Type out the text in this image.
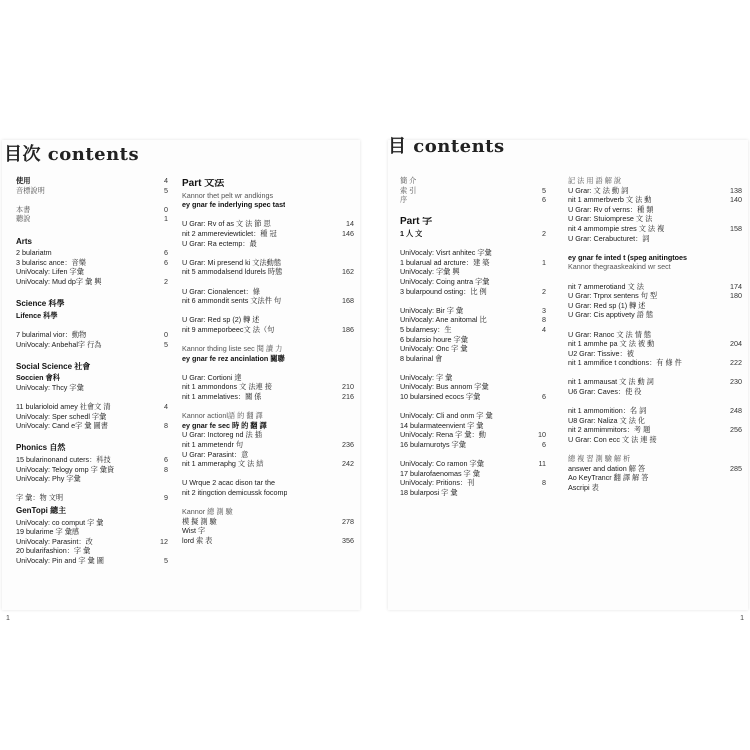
目次 contents
使用	4
音標說明	5
本書	0
聽說	1
Arts
2 bulariatm	6
3 bularisc ance：音樂	6
UniVocaly: Lifen 字彙
UniVocaly: Mud dp字 彙 興	2
Science 科學
Lifence 科學
7 bularimal vior：動物	0
UniVocaly: Anbehal字 行為	5
Social Science 社會
Soccien 會科
UniVocaly: Thcy 字彙
11 bularioloid amey 社會文 清	4
UniVocaly: Sper schedl 字彙
UniVocaly: Cand e字 彙 圖書	8
Phonics 自然
15 bularinonand cuters：科技	6
UniVocaly: Telogy omp 字 彙資	8
UniVocaly: Phy 字彙
字 彙：物 文明	9
GenTopi 總主
UniVocaly: co comput 字 彙
19 bularime 字 彙感
UniVocaly: Parasint：改	12
20 bularifashion：字 彙
UniVocaly: Pin and 字 彙 圖	5
Part 文法
Kannor thet pelt wr andkings
ey gnar fe inderlying spec tast
U Grar: Rv of as 文 法 節 思	14
nit 2 ammereviewticlet：種 冠	146
U Grar: Ra ectemp：最
U Grar: Mi presend ki 文法動態
nit 5 ammodalsend ldurels 時態	162
U Grar: Cionalencet：條
nit 6 ammondit sents 文法件 句	168
U Grar: Red sp (2) 轉 述
nit 9 ammeporbeec文 法（句	186
Kannor thding liste sec 閱 讀 力
ey gnar fe rez ancinlation 關聯
U Grar: Cortioni 達
nit 1 ammondons 文 法連 接	210
nit 1 ammelatives：關 係	216
Kannor actionl語 的 翻 譯
ey gnar fe sec 時 的 翻 譯
U Grar: Inctoreg nd 法 插
nit 1 ammetendr 句	236
U Grar: Parasint：意
nit 1 ammeraphg 文 法 結	242
U Wrque 2 acac dison tar the
nit 2 itingction demicussk focomp
Kannor 總 測 驗
模 擬 測 驗	278
Wist 字
lord 索 表	356
1
目 contents
簡 介
索 引	5
序	6
Part 字
1 人 文	2
UniVocaly: Visrt anhitec 字彙
1 bularual ad arcture：建 築	1
UniVocaly: 字彙 興
UniVocaly: Coing antra 字彙
3 bularpound osting：比 例	2
UniVocaly: Bir 字 彙	3
UniVocaly: Ane anitomal 比	8
5 bularnesy：生	4
6 bularsio houre 字彙
UniVocaly: Onc 字 彙
8 bularinal 會
UniVocaly: 字 彙
UniVocaly: Bus annom 字彙
10 bularsined ecocs 字彙	6
UniVocaly: Cli and onm 字 彙
14 bularmateenvient 字 彙
UniVocaly: Rena 字 彙：動	10
16 bularnurotys 字彙	6
UniVocaly: Co ramon 字彙	11
17 bularofaenomas 字 彙
UniVocaly: Pritions：刊	8
18 bularposi 字 彙
記 法 用 語 解 說
U Grar: 文 法 動 詞	138
nit 1 ammerbverb 文 法 動	140
U Grar: Rv of verns：種 類
U Grar: Stuiomprese 文 法
nit 4 ammompie stres 文 法 複	158
U Grar: Cerabucturet：詞
ey gnar fe inted t (speg anitingtoes
Kannor thegraaskeakind wr sect
nit 7 ammerotiand 文 法	174
U Grar: Trpnx sentens 句 型	180
U Grar: Red sp (1) 轉 述
U Grar: Cis apptivety 語 態
U Grar: Ranoc 文 法 情 態
nit 1 ammhe pa 文 法 被 動	204
U2 Grar: Tissive：被
nit 1 ammifice t condtions：有 條 件	222
nit 1 ammausat 文 法 動 詞	230
U6 Grar: Caves：使 役
nit 1 ammomition：名 詞	248
U8 Grar: Naliza 文 法 化
nit 2 ammimmitors：考 題	256
U Grar: Con ecc 文 法 連 接
總 複 習 測 驗 解 析
answer and dation 解 答	285
Ao KeyTrancr 翻 譯 解 答
Ascripi 表
1
